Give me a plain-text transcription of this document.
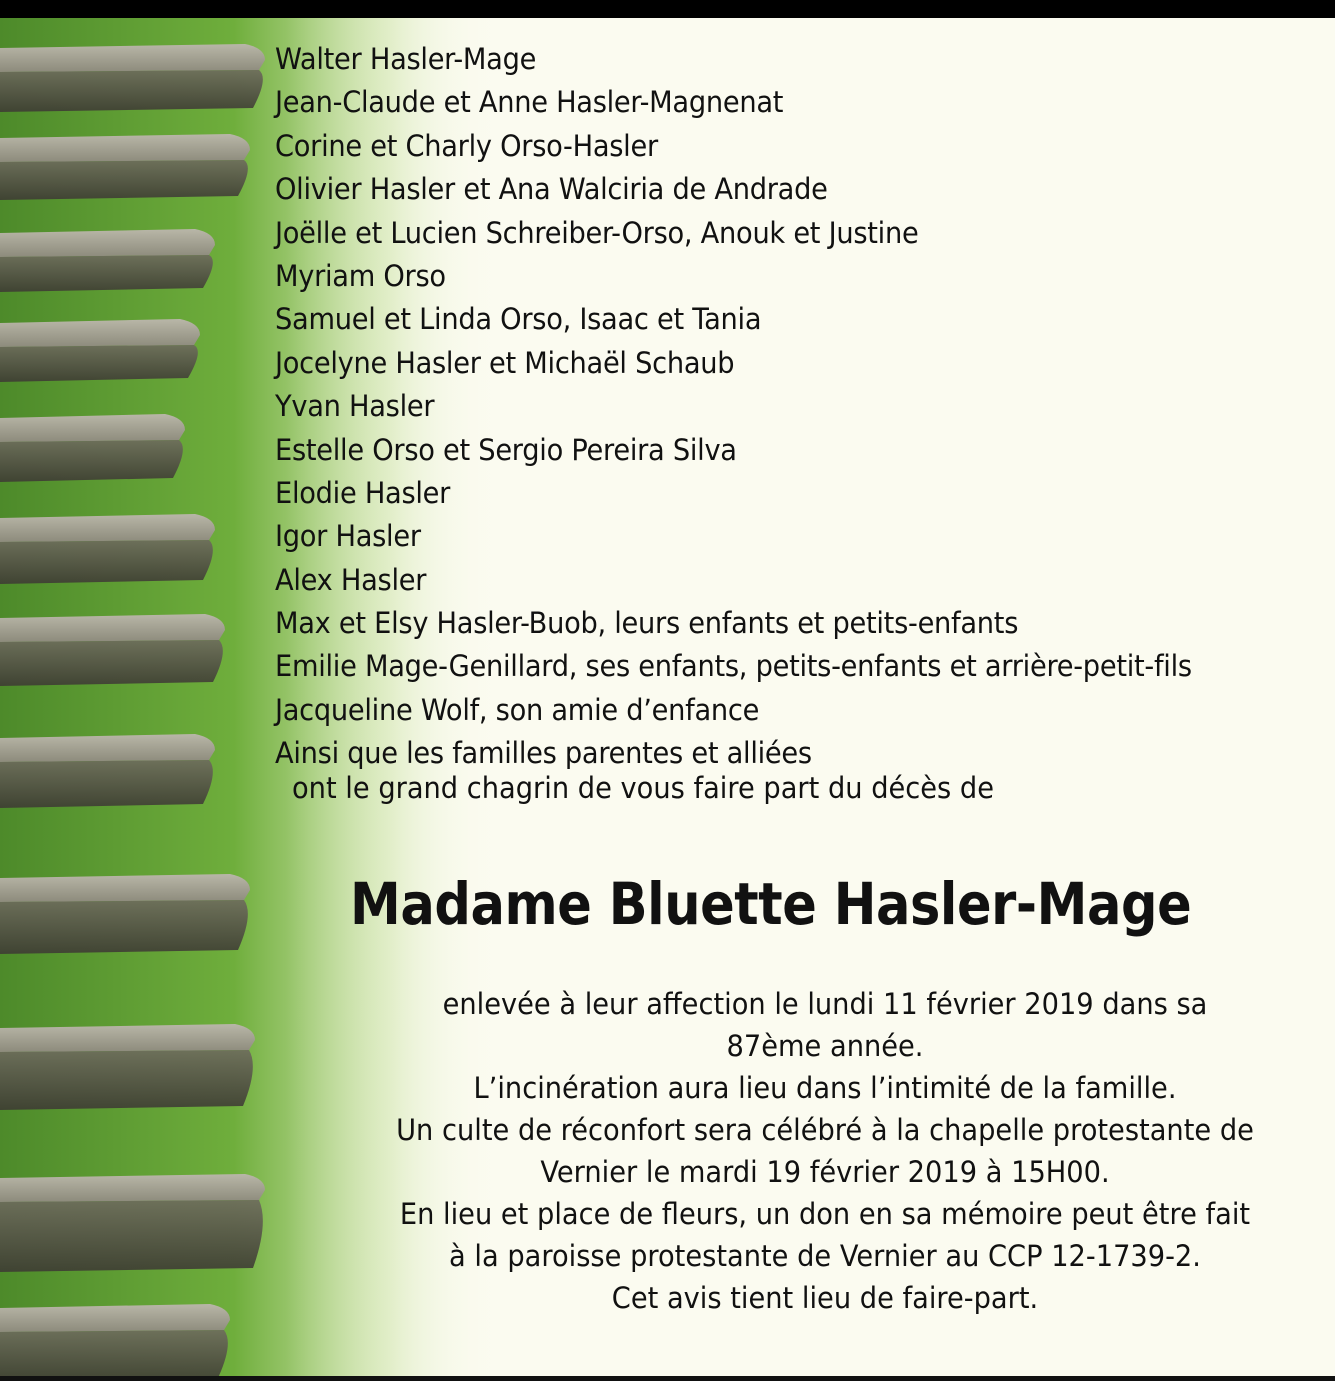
Walter Hasler-Mage
Jean-Claude et Anne Hasler-Magnenat
Corine et Charly Orso-Hasler
Olivier Hasler et Ana Walciria de Andrade
Joëlle et Lucien Schreiber-Orso, Anouk et Justine
Myriam Orso
Samuel et Linda Orso, Isaac et Tania
Jocelyne Hasler et Michaël Schaub
Yvan Hasler
Estelle Orso et Sergio Pereira Silva
Elodie Hasler
Igor Hasler
Alex Hasler
Max et Elsy Hasler-Buob, leurs enfants et petits-enfants
Emilie Mage-Genillard, ses enfants, petits-enfants et arrière-petit-fils
Jacqueline Wolf, son amie d’enfance
Ainsi que les familles parentes et alliées
ont le grand chagrin de vous faire part du décès de
Madame Bluette Hasler-Mage
enlevée à leur affection le lundi 11 février 2019 dans sa
87ème année.
L’incinération aura lieu dans l’intimité de la famille.
Un culte de réconfort sera célébré à la chapelle protestante de
Vernier le mardi 19 février 2019 à 15H00.
En lieu et place de fleurs, un don en sa mémoire peut être fait
à la paroisse protestante de Vernier au CCP 12-1739-2.
Cet avis tient lieu de faire-part.
